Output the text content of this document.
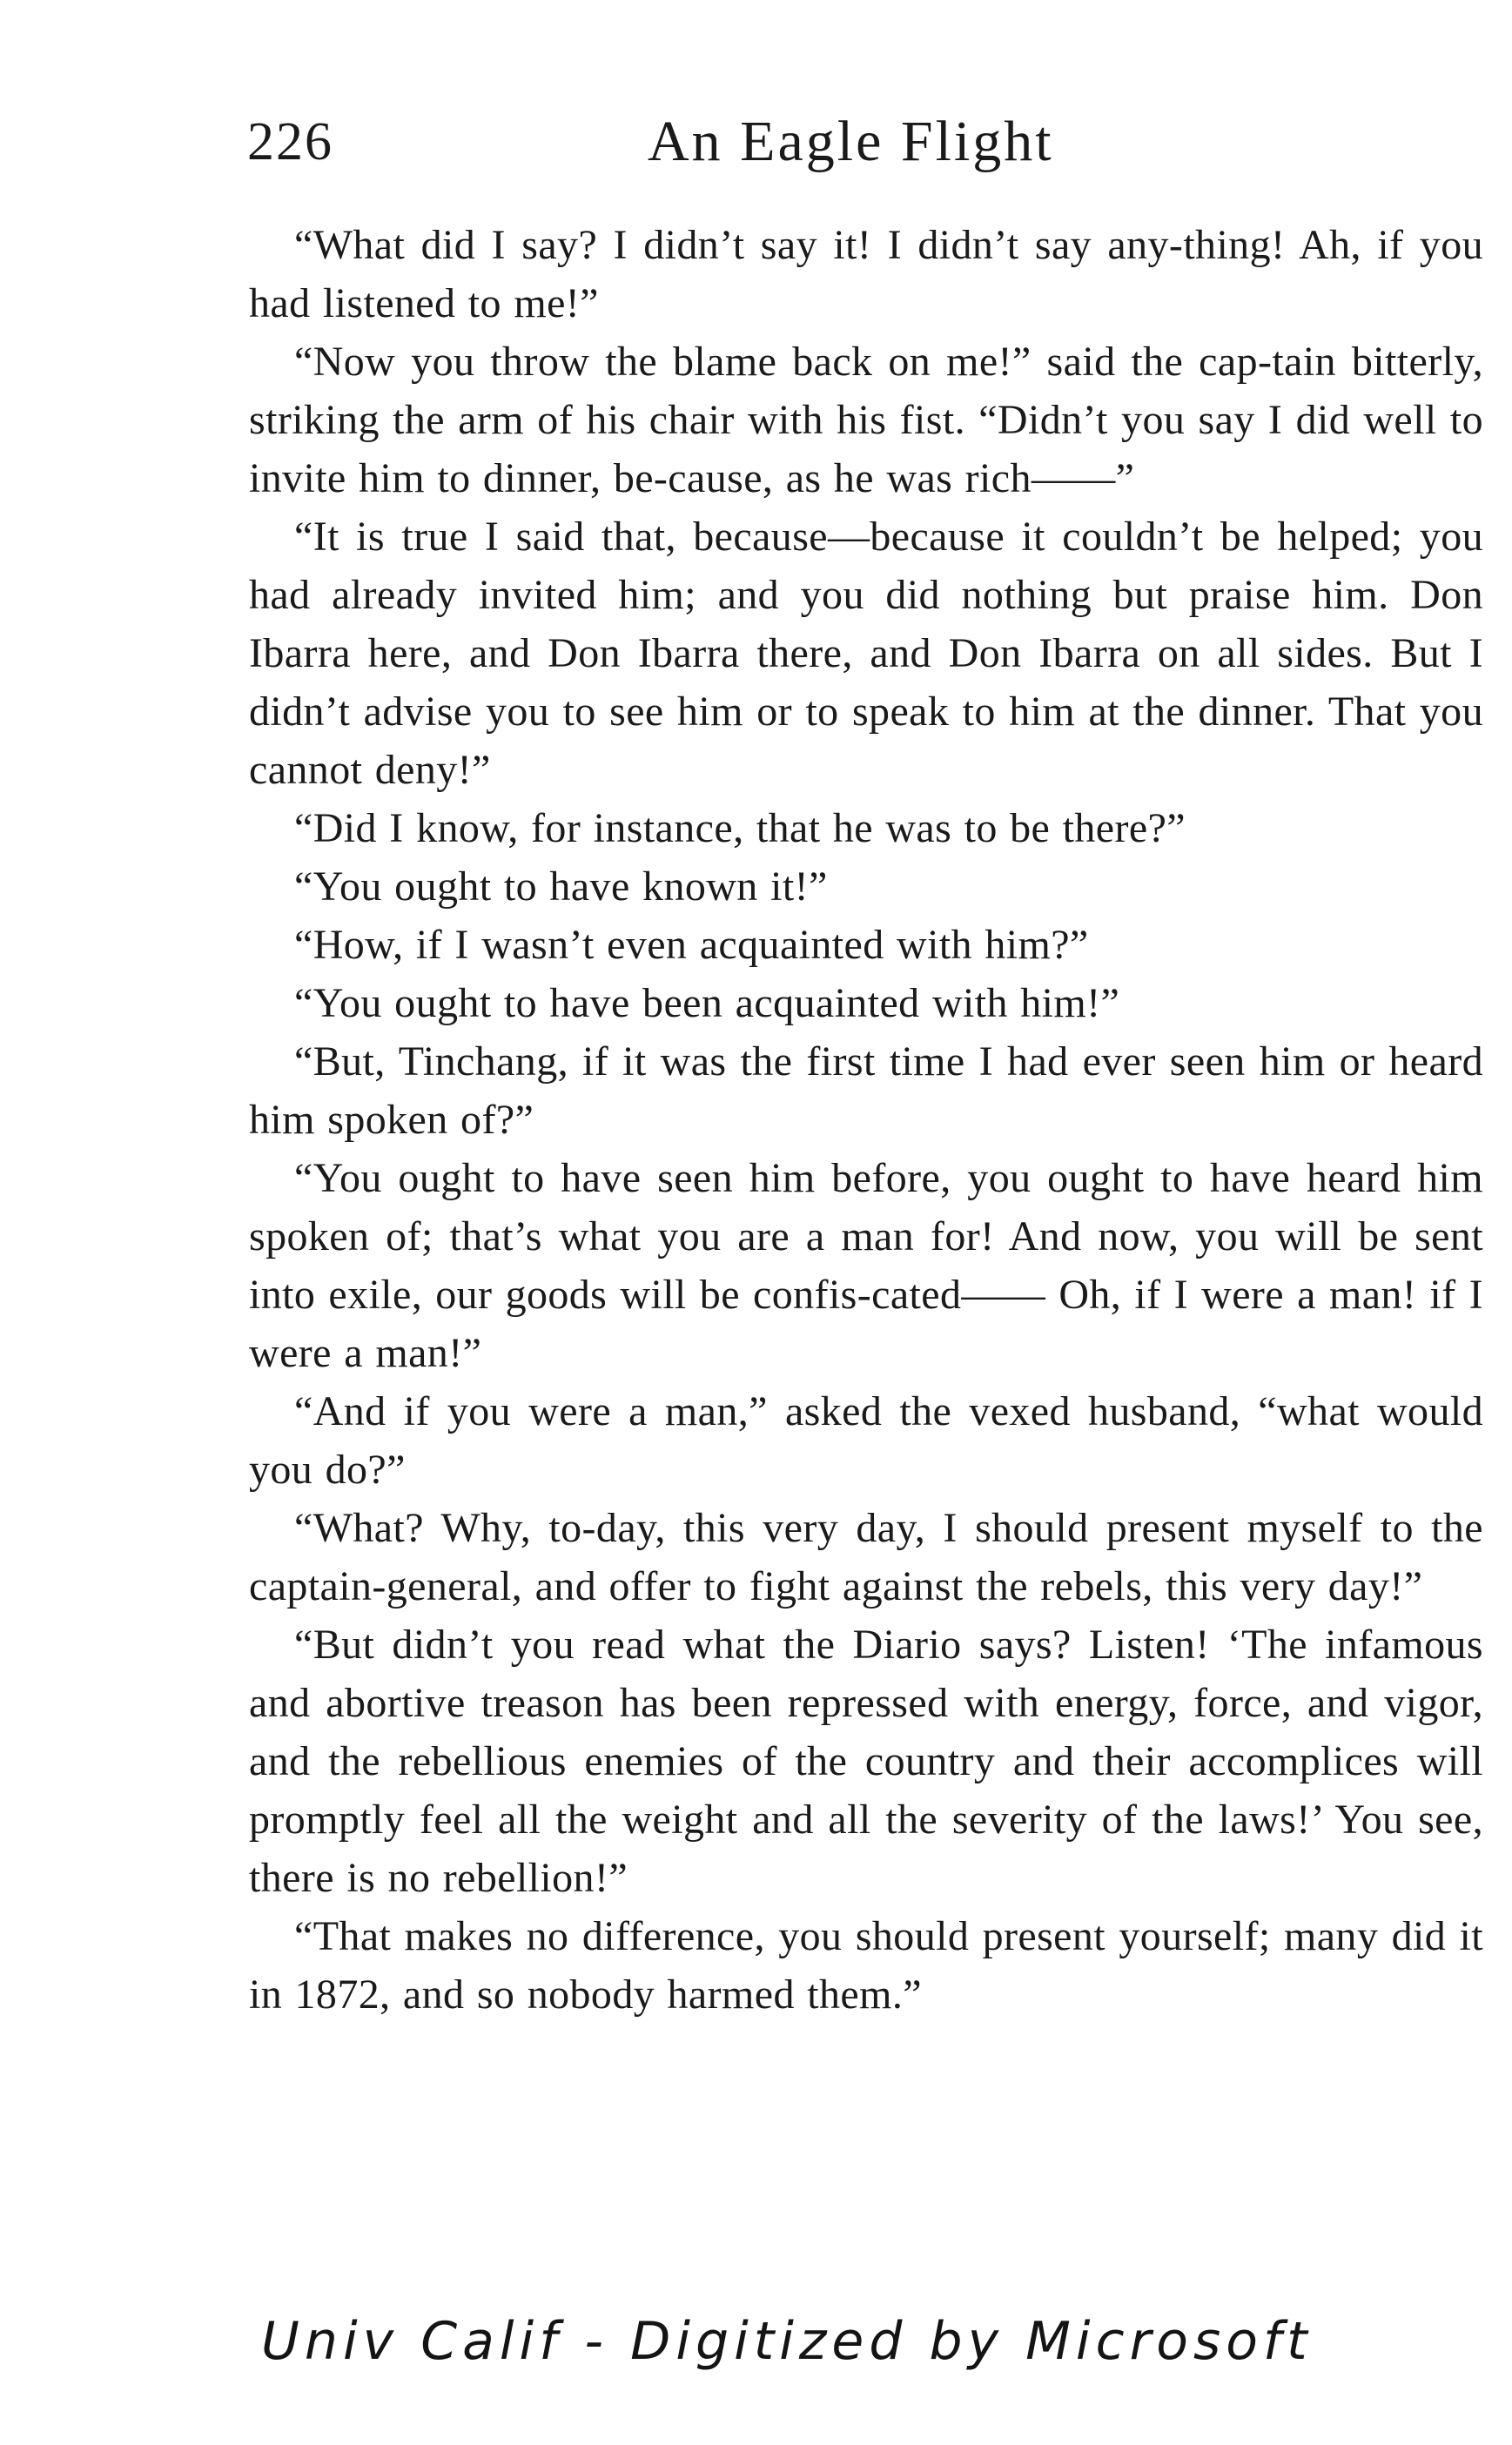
226	An Eagle Flight

“What did I say? I didn’t say it! I didn’t say any-thing! Ah, if you had listened to me!”

“Now you throw the blame back on me!” said the cap-tain bitterly, striking the arm of his chair with his fist. “Didn’t you say I did well to invite him to dinner, be-cause, as he was rich——”

“It is true I said that, because—because it couldn’t be helped; you had already invited him; and you did nothing but praise him. Don Ibarra here, and Don Ibarra there, and Don Ibarra on all sides. But I didn’t advise you to see him or to speak to him at the dinner. That you cannot deny!”

“Did I know, for instance, that he was to be there?”

“You ought to have known it!”

“How, if I wasn’t even acquainted with him?”

“You ought to have been acquainted with him!”

“But, Tinchang, if it was the first time I had ever seen him or heard him spoken of?”

“You ought to have seen him before, you ought to have heard him spoken of; that’s what you are a man for! And now, you will be sent into exile, our goods will be confis-cated—— Oh, if I were a man! if I were a man!”

“And if you were a man,” asked the vexed husband, “what would you do?”

“What? Why, to-day, this very day, I should present myself to the captain-general, and offer to fight against the rebels, this very day!”

“But didn’t you read what the Diario says? Listen! ‘The infamous and abortive treason has been repressed with energy, force, and vigor, and the rebellious enemies of the country and their accomplices will promptly feel all the weight and all the severity of the laws!’ You see, there is no rebellion!”

“That makes no difference, you should present yourself; many did it in 1872, and so nobody harmed them.”

Univ Calif - Digitized by Microsoft
